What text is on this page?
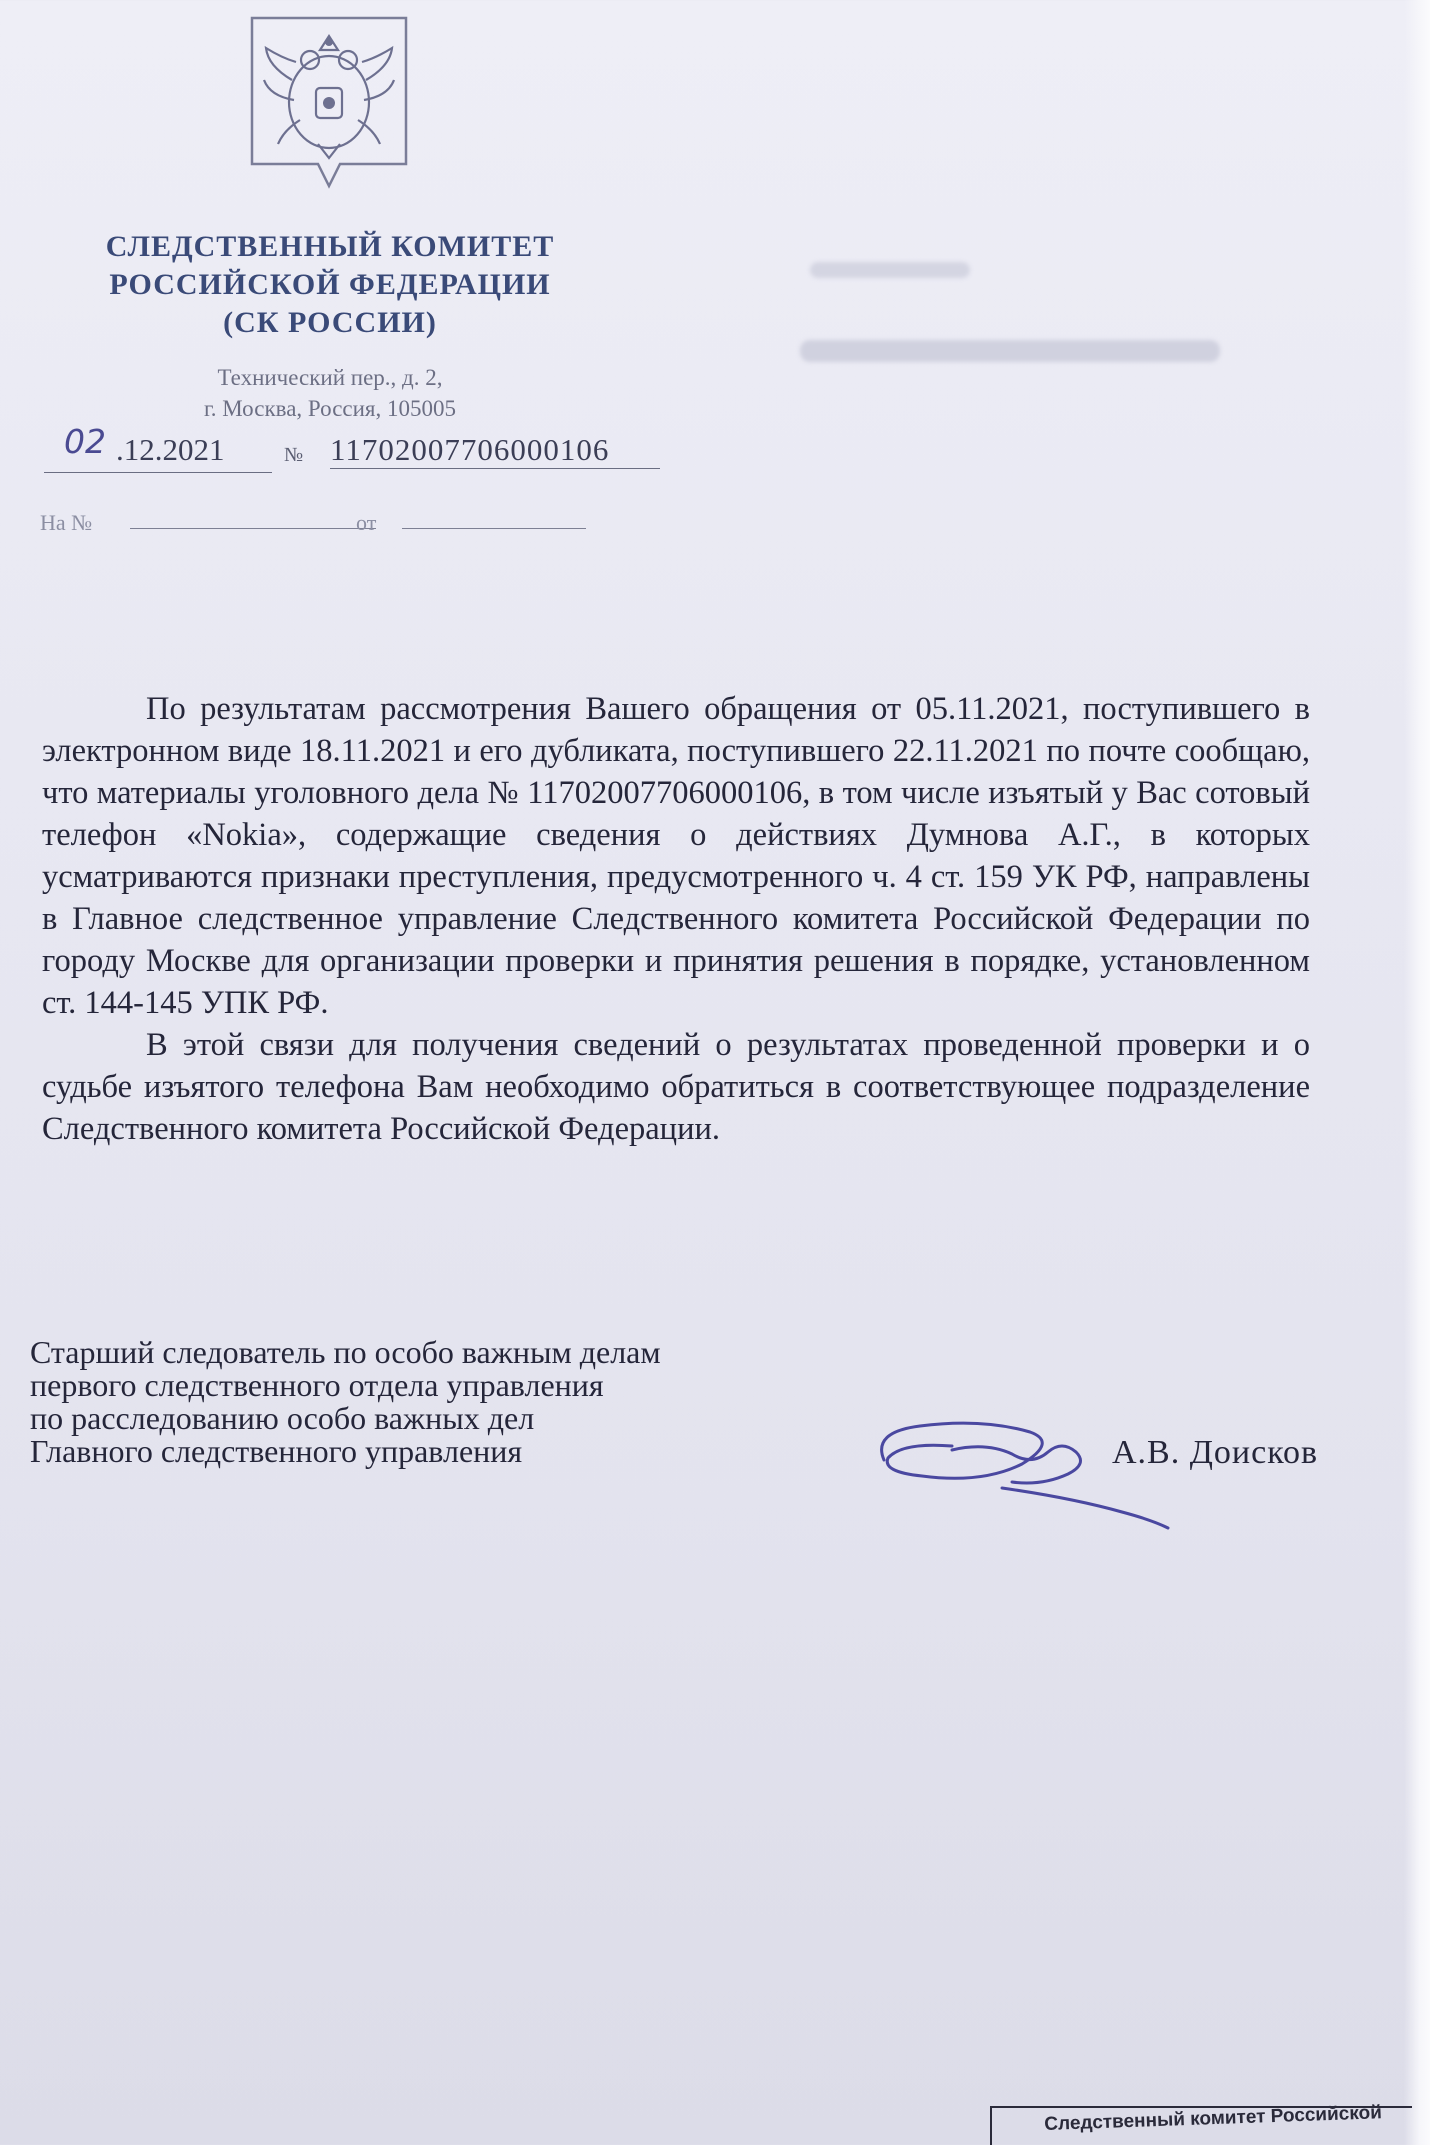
СЛЕДСТВЕННЫЙ КОМИТЕТ
РОССИЙСКОЙ ФЕДЕРАЦИИ
(СК РОССИИ)
Технический пер., д. 2,
г. Москва, Россия, 105005
02 .12.2021	№ 11702007706000106
На №	от

По результатам рассмотрения Вашего обращения от 05.11.2021, поступившего в электронном виде 18.11.2021 и его дубликата, поступившего 22.11.2021 по почте сообщаю, что материалы уголовного дела № 11702007706000106, в том числе изъятый у Вас сотовый телефон «Nokia», содержащие сведения о действиях Думнова А.Г., в которых усматриваются признаки преступления, предусмотренного ч. 4 ст. 159 УК РФ, направлены в Главное следственное управление Следственного комитета Российской Федерации по городу Москве для организации проверки и принятия решения в порядке, установленном ст. 144-145 УПК РФ.

В этой связи для получения сведений о результатах проведенной проверки и о судьбе изъятого телефона Вам необходимо обратиться в соответствующее подразделение Следственного комитета Российской Федерации.

Старший следователь по особо важным делам
первого следственного отдела управления
по расследованию особо важных дел
Главного следственного управления	А.В. Доисков
Следственный комитет Российской
